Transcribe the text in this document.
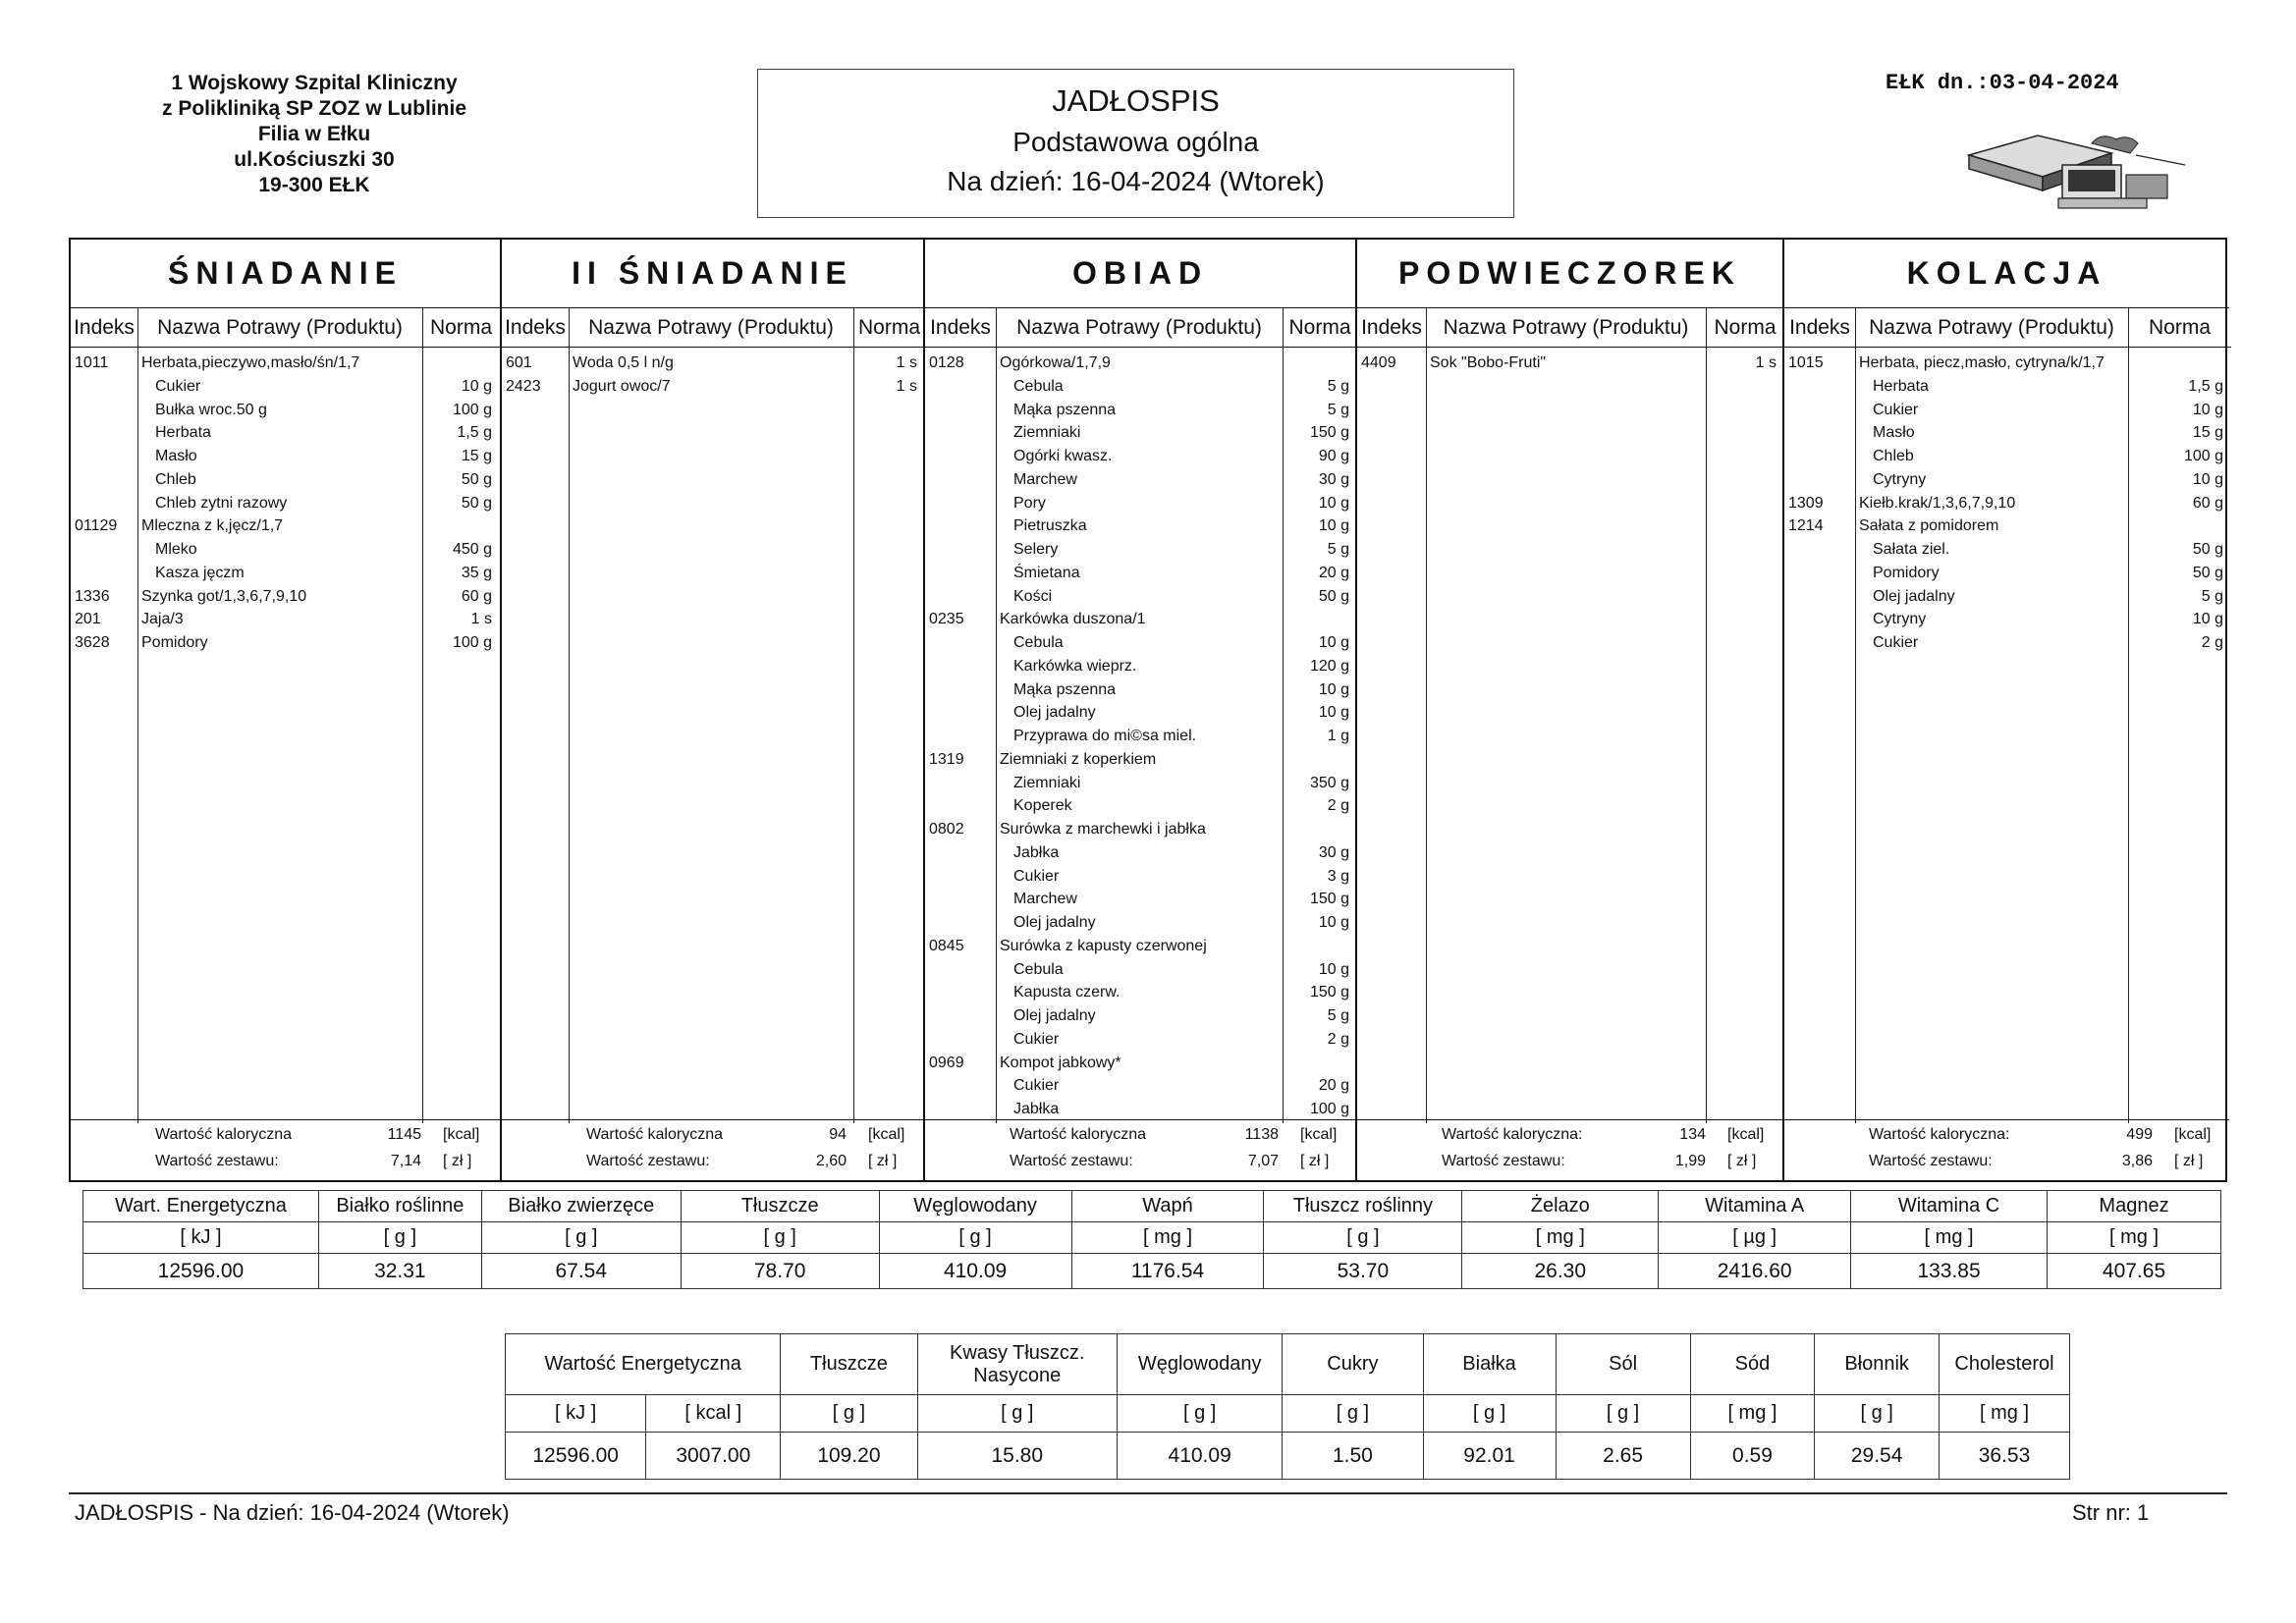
1 Wojskowy Szpital Kliniczny
z Polikliniką SP ZOZ w Lublinie
Filia w Ełku
ul.Kościuszki 30
19-300 EŁK
JADŁOSPIS
Podstawowa ogólna
Na dzień: 16-04-2024 (Wtorek)
EŁK dn.:03-04-2024
ŚNIADANIE
Indeks	Nazwa Potrawy (Produktu)	Norma
1011 Herbata,pieczywo,masło/śn/1,7
Cukier	10 g
Bułka wroc.50 g	100 g
Herbata	1,5 g
Masło	15 g
Chleb	50 g
Chleb zytni razowy	50 g
01129 Mleczna z k,jęcz/1,7
Mleko	450 g
Kasza jęczm	35 g
1336 Szynka got/1,3,6,7,9,10	60 g
201	Jaja/3	1 s
3628 Pomidory	100 g
Wartość kaloryczna	1145 [kcal]
Wartość zestawu:	7,14 [ zł ]
II ŚNIADANIE
Indeks	Nazwa Potrawy (Produktu)	Norma
601	Woda 0,5 l n/g	1 s
2423 Jogurt owoc/7	1 s
Wartość kaloryczna	94 [kcal]
Wartość zestawu:	2,60 [ zł ]
OBIAD
Indeks	Nazwa Potrawy (Produktu)	Norma
0128 Ogórkowa/1,7,9
Cebula	5 g
Mąka pszenna	5 g
Ziemniaki	150 g
Ogórki kwasz.	90 g
Marchew	30 g
Pory	10 g
Pietruszka	10 g
Selery	5 g
Śmietana	20 g
Kości	50 g
0235 Karkówka duszona/1
Cebula	10 g
Karkówka wieprz.	120 g
Mąka pszenna	10 g
Olej jadalny	10 g
Przyprawa do mi©sa miel.	1 g
1319 Ziemniaki z koperkiem
Ziemniaki	350 g
Koperek	2 g
0802 Surówka z marchewki i jabłka
Jabłka	30 g
Cukier	3 g
Marchew	150 g
Olej jadalny	10 g
0845 Surówka z kapusty czerwonej
Cebula	10 g
Kapusta czerw.	150 g
Olej jadalny	5 g
Cukier	2 g
0969 Kompot jabkowy*
Cukier	20 g
Jabłka	100 g
Wartość kaloryczna	1138 [kcal]
Wartość zestawu:	7,07 [ zł ]
PODWIECZOREK
Indeks	Nazwa Potrawy (Produktu)	Norma
4409 Sok "Bobo-Fruti"	1 s
Wartość kaloryczna:	134 [kcal]
Wartość zestawu:	1,99 [ zł ]
KOLACJA
Indeks Nazwa Potrawy (Produktu)	Norma
1015 Herbata, piecz,masło, cytryna/k/1,7
Herbata	1,5 g
Cukier	10 g
Masło	15 g
Chleb	100 g
Cytryny	10 g
1309 Kiełb.krak/1,3,6,7,9,10	60 g
1214 Sałata z pomidorem
Sałata ziel.	50 g
Pomidory	50 g
Olej jadalny	5 g
Cytryny	10 g
Cukier	2 g
Wartość kaloryczna:	499 [kcal]
Wartość zestawu:	3,86 [ zł ]
Wart. Energetyczna	Białko roślinne	Białko zwierzęce	Tłuszcze	Węglowodany	Wapń	Tłuszcz roślinny	Żelazo	Witamina A	Witamina C	Magnez
[ kJ ]	[ g ]	[ g ]	[ g ]	[ g ]	[ mg ]	[ g ]	[ mg ]	[ µg ]	[ mg ]	[ mg ]
12596.00	32.31	67.54	78.70	410.09	1176.54	53.70	26.30	2416.60	133.85	407.65
Wartość Energetyczna		Tłuszcze	Kwasy Tłuszcz. Nasycone	Węglowodany	Cukry	Białka	Sól	Sód	Błonnik	Cholesterol
[ kJ ]	[ kcal ]	[ g ]	[ g ]	[ g ]	[ g ]	[ g ]	[ g ]	[ mg ]	[ g ]	[ mg ]
12596.00	3007.00	109.20	15.80	410.09	1.50	92.01	2.65	0.59	29.54	36.53
JADŁOSPIS - Na dzień: 16-04-2024 (Wtorek)	Str nr: 1
